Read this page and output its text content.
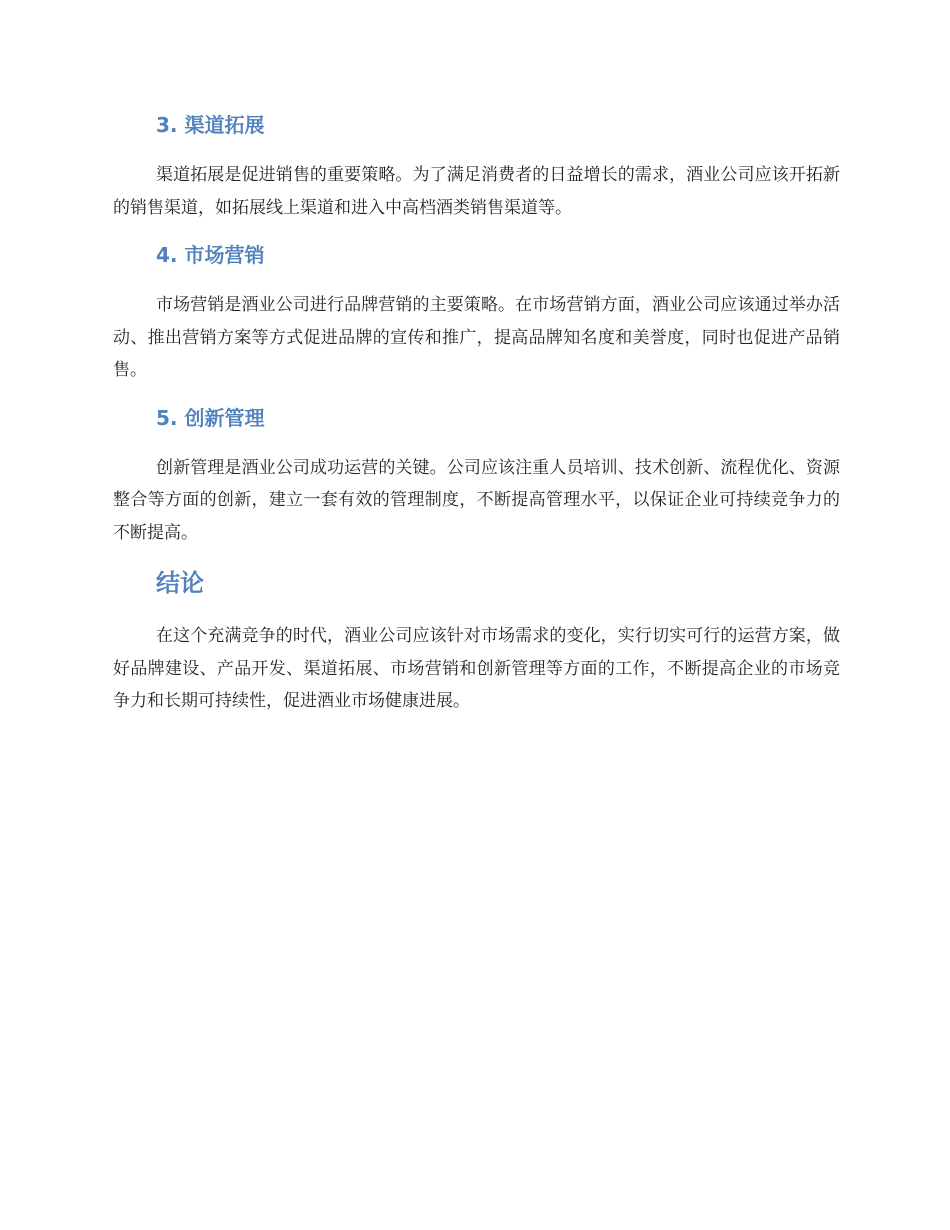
3. 渠道拓展

渠道拓展是促进销售的重要策略。为了满足消费者的日益增长的需求，酒业公司应该开拓新的销售渠道，如拓展线上渠道和进入中高档酒类销售渠道等。

4. 市场营销

市场营销是酒业公司进行品牌营销的主要策略。在市场营销方面，酒业公司应该通过举办活动、推出营销方案等方式促进品牌的宣传和推广，提高品牌知名度和美誉度，同时也促进产品销售。

5. 创新管理

创新管理是酒业公司成功运营的关键。公司应该注重人员培训、技术创新、流程优化、资源整合等方面的创新，建立一套有效的管理制度，不断提高管理水平，以保证企业可持续竞争力的不断提高。

结论

在这个充满竞争的时代，酒业公司应该针对市场需求的变化，实行切实可行的运营方案，做好品牌建设、产品开发、渠道拓展、市场营销和创新管理等方面的工作，不断提高企业的市场竞争力和长期可持续性，促进酒业市场健康进展。
